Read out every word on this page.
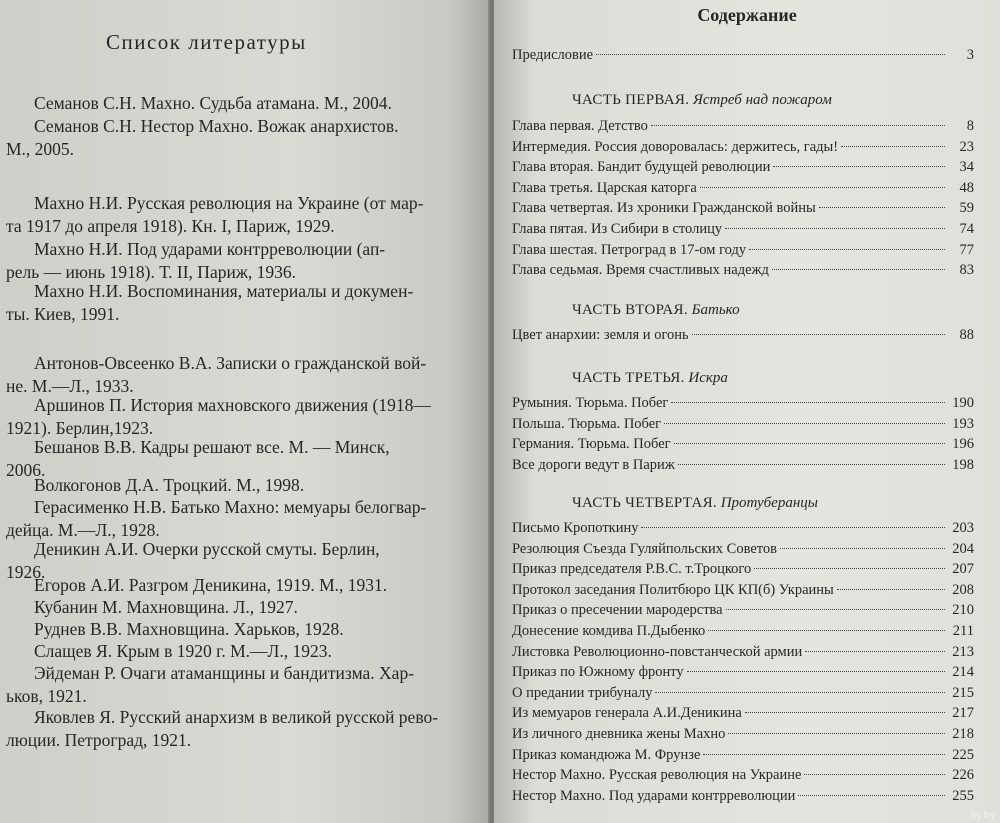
Список литературы

Семанов С.Н. Махно. Судьба атамана. М., 2004.

Семанов С.Н. Нестор Махно. Вожак анархистов.
М., 2005.

Махно Н.И. Русская революция на Украине (от мар-
та 1917 до апреля 1918). Кн. I, Париж, 1929.

Махно Н.И. Под ударами контрреволюции (ап-
рель — июнь 1918). Т. II, Париж, 1936.

Махно Н.И. Воспоминания, материалы и докумен-
ты. Киев, 1991.

Антонов-Овсеенко В.А. Записки о гражданской вой-
не. М.—Л., 1933.

Аршинов П. История махновского движения (1918—
1921). Берлин,1923.

Бешанов В.В. Кадры решают все. М. — Минск,
2006.

Волкогонов Д.А. Троцкий. М., 1998.

Герасименко Н.В. Батько Махно: мемуары белогвар-
дейца. М.—Л., 1928.

Деникин А.И. Очерки русской смуты. Берлин,
1926.

Егоров А.И. Разгром Деникина, 1919. М., 1931.

Кубанин М. Махновщина. Л., 1927.

Руднев В.В. Махновщина. Харьков, 1928.

Слащев Я. Крым в 1920 г. М.—Л., 1923.

Эйдеман Р. Очаги атаманщины и бандитизма. Хар-
ьков, 1921.

Яковлев Я. Русский анархизм в великой русской рево-
люции. Петроград, 1921.

Содержание
Предисловие	3
ЧАСТЬ ПЕРВАЯ. Ястреб над пожаром
Глава первая. Детство	8
Интермедия. Россия доворовалась: держитесь, гады!	23
Глава вторая. Бандит будущей революции	34
Глава третья. Царская каторга	48
Глава четвертая. Из хроники Гражданской войны	59
Глава пятая. Из Сибири в столицу	74
Глава шестая. Петроград в 17-ом году	77
Глава седьмая. Время счастливых надежд	83
ЧАСТЬ ВТОРАЯ. Батько
Цвет анархии: земля и огонь	88
ЧАСТЬ ТРЕТЬЯ. Искра
Румыния. Тюрьма. Побег	190
Польша. Тюрьма. Побег	193
Германия. Тюрьма. Побег	196
Все дороги ведут в Париж	198
ЧАСТЬ ЧЕТВЕРТАЯ. Протуберанцы
Письмо Кропоткину	203
Резолюция Съезда Гуляйпольских Советов	204
Приказ председателя Р.В.С. т.Троцкого	207
Протокол заседания Политбюро ЦК КП(б) Украины	208
Приказ о пресечении мародерства	210
Донесение комдива П.Дыбенко	211
Листовка Революционно-повстанческой армии	213
Приказ по Южному фронту	214
О предании трибуналу	215
Из мемуаров генерала А.И.Деникина	217
Из личного дневника жены Махно	218
Приказ командюжа М. Фрунзе	225
Нестор Махно. Русская революция на Украине	226
Нестор Махно. Под ударами контрреволюции	255
ay.by
